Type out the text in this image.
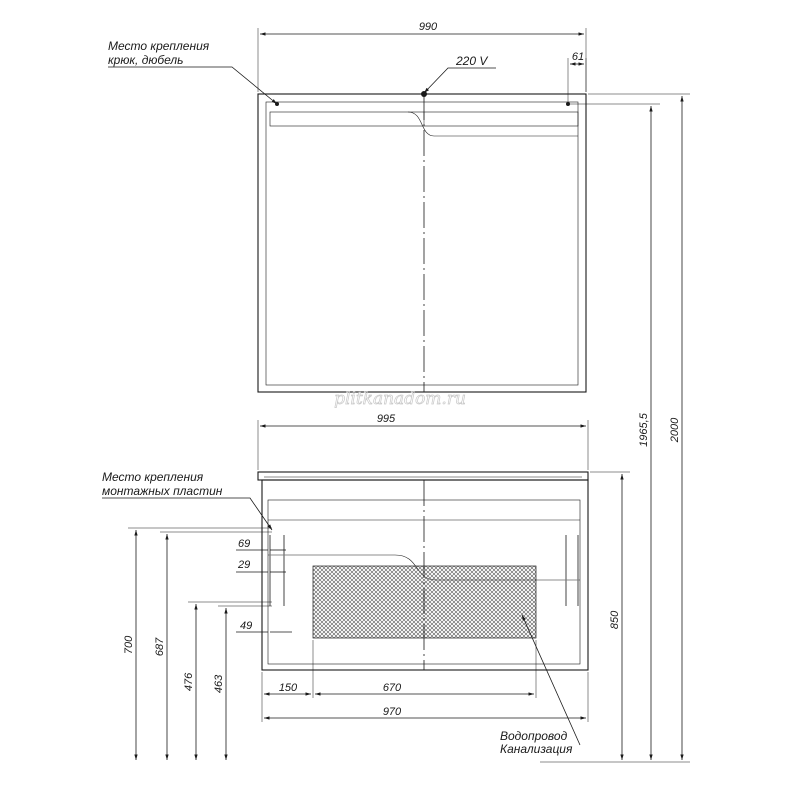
990
61
Место крепления
крюк, дюбель	220 V
plitkanadom.ru
995
Место крепления
монтажных пластин
Водопровод
Канализация
2000
1965,5
850
700 687
476 463
69
29
49
150	670
970
